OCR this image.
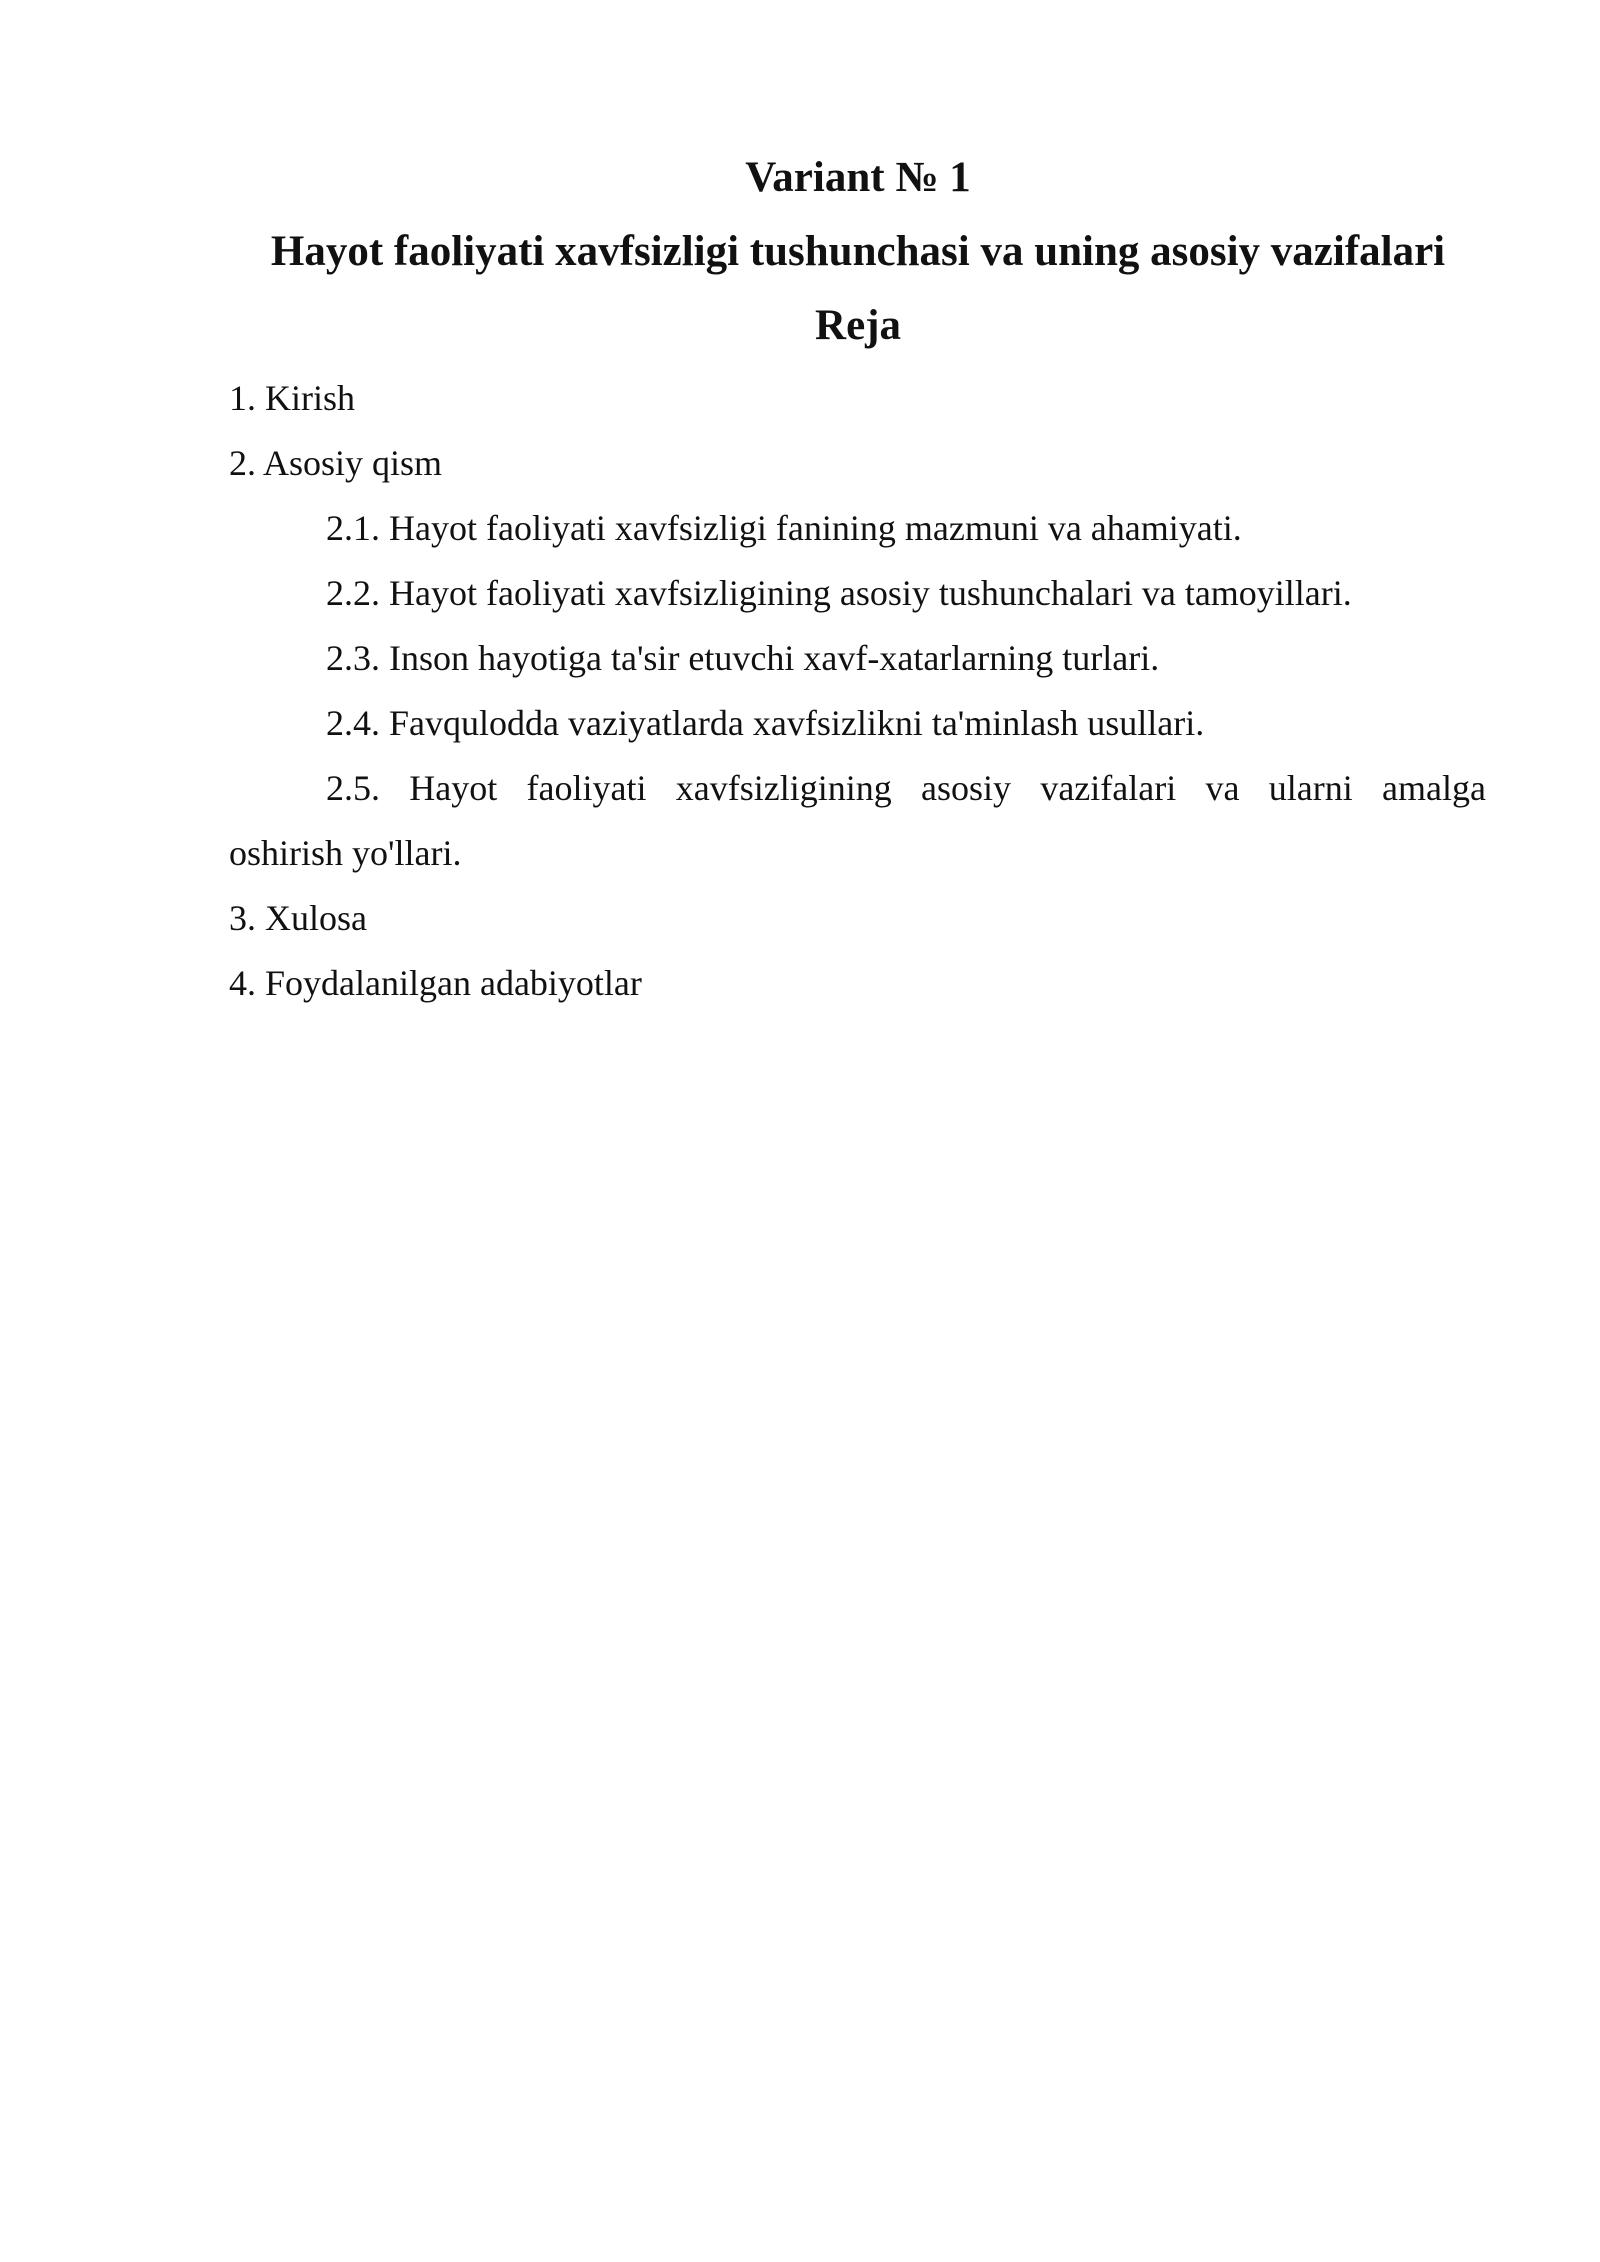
Variant № 1
Hayot faoliyati xavfsizligi tushunchasi va uning asosiy vazifalari
Reja
1. Kirish
2. Asosiy qism
2.1. Hayot faoliyati xavfsizligi fanining mazmuni va ahamiyati.
2.2. Hayot faoliyati xavfsizligining asosiy tushunchalari va tamoyillari.
2.3. Inson hayotiga ta'sir etuvchi xavf-xatarlarning turlari.
2.4. Favqulodda vaziyatlarda xavfsizlikni ta'minlash usullari.
2.5. Hayot faoliyati xavfsizligining asosiy vazifalari va ularni amalga
oshirish yo'llari.
3. Xulosa
4. Foydalanilgan adabiyotlar
